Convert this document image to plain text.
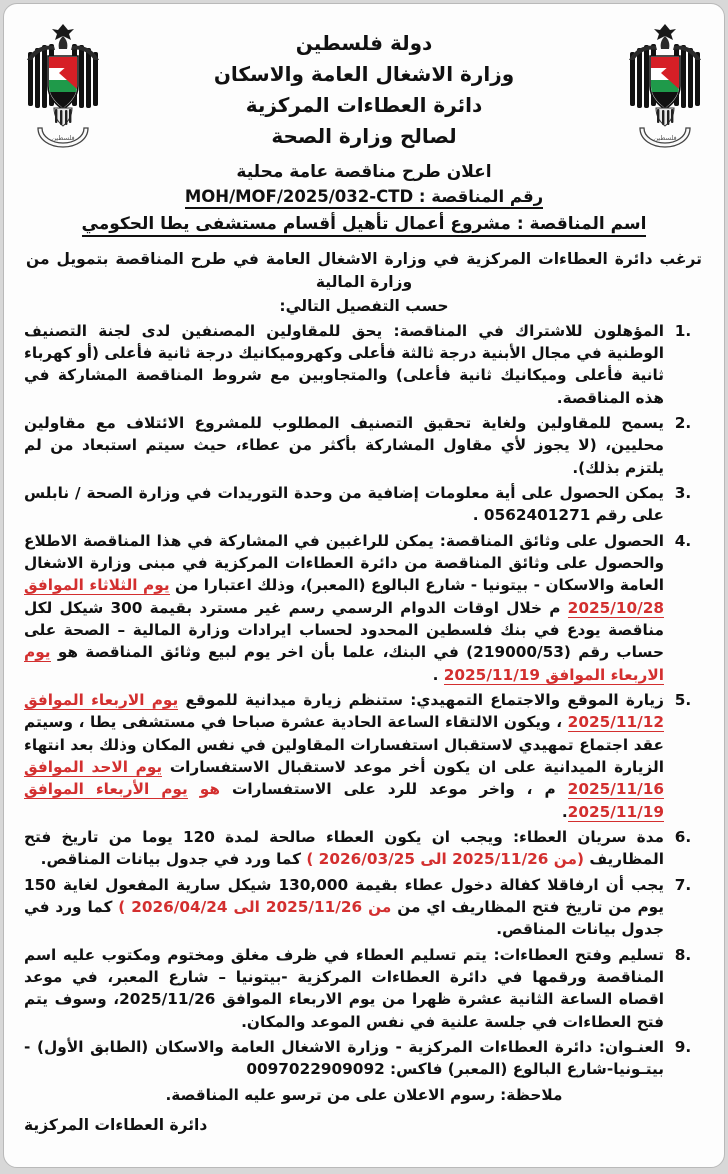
فلسطين
دولة فلسطين
وزارة الاشغال العامة والاسكان
دائرة العطاءات المركزية
لصالح وزارة الصحة
فلسطين
اعلان طرح مناقصة عامة محلية
رقم المناقصة : MOH/MOF/2025/032-CTD
اسم المناقصة : مشروع أعمال تأهيل أقسام مستشفى يطا الحكومي
ترغب دائرة العطاءات المركزية في وزارة الاشغال العامة في طرح المناقصة بتمويل من وزارة المالية
حسب التفصيل التالي:
المؤهلون للاشتراك في المناقصة: يحق للمقاولين المصنفين لدى لجنة التصنيف الوطنية في مجال الأبنية درجة ثالثة فأعلى وكهروميكانيك درجة ثانية فأعلى (أو كهرباء ثانية فأعلى وميكانيك ثانية فأعلى) والمتجاوبين مع شروط المناقصة المشاركة في هذه المناقصة.
يسمح للمقاولين ولغاية تحقيق التصنيف المطلوب للمشروع الائتلاف مع مقاولين محليين، (لا يجوز لأي مقاول المشاركة بأكثر من عطاء، حيث سيتم استبعاد من لم يلتزم بذلك).
يمكن الحصول على أية معلومات إضافية من وحدة التوريدات في وزارة الصحة / نابلس على رقم 0562401271 .
الحصول على وثائق المناقصة: يمكن للراغبين في المشاركة في هذا المناقصة الاطلاع والحصول على وثائق المناقصة من دائرة العطاءات المركزية في مبنى وزارة الاشغال العامة والاسكان - بيتونيا - شارع البالوع (المعبر)، وذلك اعتبارا من يوم الثلاثاء الموافق 2025/10/28 م خلال اوقات الدوام الرسمي رسم غير مسترد بقيمة 300 شيكل لكل مناقصة يودع في بنك فلسطين المحدود لحساب ايرادات وزارة المالية – الصحة على حساب رقم (219000/53) في البنك، علما بأن اخر يوم لبيع وثائق المناقصة هو يوم الاربعاء الموافق 2025/11/19 .
زيارة الموقع والاجتماع التمهيدي: ستنظم زيارة ميدانية للموقع يوم الاربعاء الموافق 2025/11/12 ، ويكون الالتقاء الساعة الحادية عشرة صباحا في مستشفى يطا ، وسيتم عقد اجتماع تمهيدي لاستقبال استفسارات المقاولين في نفس المكان وذلك بعد انتهاء الزيارة الميدانية على ان يكون أخر موعد لاستقبال الاستفسارات يوم الاحد الموافق 2025/11/16 م ، واخر موعد للرد على الاستفسارات هو يوم الأربعاء الموافق 2025/11/19.
مدة سريان العطاء: ويجب ان يكون العطاء صالحة لمدة 120 يوما من تاريخ فتح المظاريف (من 2025/11/26 الى 2026/03/25 ) كما ورد في جدول بيانات المناقص.
يجب أن ارفاقلا كفالة دخول عطاء بقيمة 130,000 شيكل سارية المفعول لغاية 150 يوم من تاريخ فتح المظاريف اي من من 2025/11/26 الى 2026/04/24 ) كما ورد في جدول بيانات المناقص.
تسليم وفتح العطاءات: يتم تسليم العطاء في ظرف مغلق ومختوم ومكتوب عليه اسم المناقصة ورقمها في دائرة العطاءات المركزية -بيتونيا – شارع المعبر، في موعد اقصاه الساعة الثانية عشرة ظهرا من يوم الاربعاء الموافق 2025/11/26، وسوف يتم فتح العطاءات في جلسة علنية في نفس الموعد والمكان.
العنـوان: دائرة العطاءات المركزية - وزارة الاشغال العامة والاسكان (الطابق الأول) - بيتـونيا-شارع البالوع (المعبر) فاكس: 0097022909092
ملاحظة: رسوم الاعلان على من ترسو عليه المناقصة.
دائرة العطاءات المركزية
